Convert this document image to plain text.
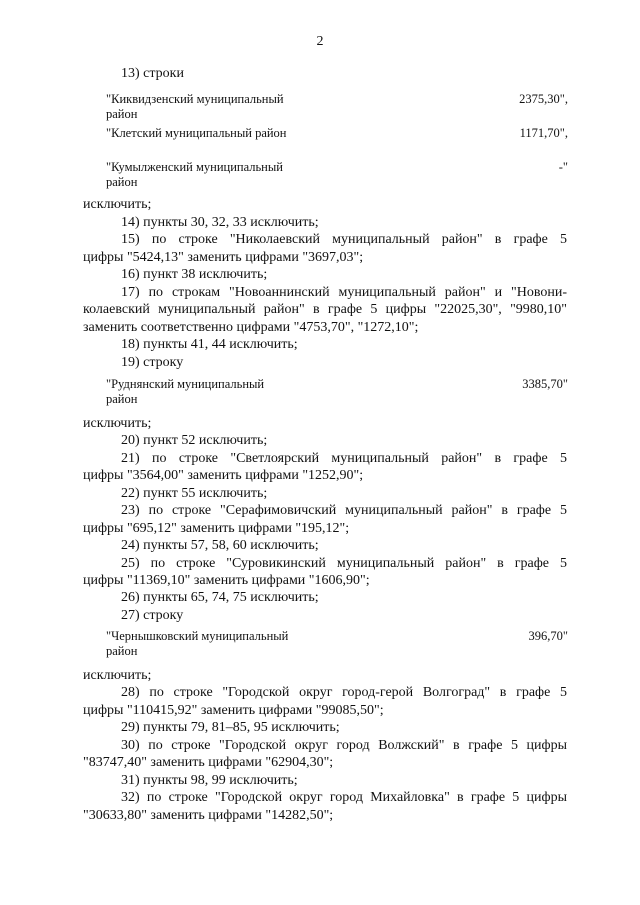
2
13) строки
"Киквидзенский муниципальный район
2375,30",
"Клетский муниципальный район	1171,70",
"Кумылженский муниципальный район
-"
исключить;
14) пункты 30, 32, 33 исключить;
15) по строке "Николаевский муниципальный район" в графе 5
цифры "5424,13" заменить цифрами "3697,03";
16) пункт 38 исключить;
17) по строкам "Новоаннинский муниципальный район" и "Новони-
колаевский муниципальный район" в графе 5 цифры "22025,30", "9980,10"
заменить соответственно цифрами "4753,70", "1272,10";
18) пункты 41, 44 исключить;
19) строку
"Руднянский муниципальный район
3385,70"
исключить;
20) пункт 52 исключить;
21) по строке "Светлоярский муниципальный район" в графе 5
цифры "3564,00" заменить цифрами "1252,90";
22) пункт 55 исключить;
23) по строке "Серафимовичский муниципальный район" в графе 5
цифры "695,12" заменить цифрами "195,12";
24) пункты 57, 58, 60 исключить;
25) по строке "Суровикинский муниципальный район" в графе 5
цифры "11369,10" заменить цифрами "1606,90";
26) пункты 65, 74, 75 исключить;
27) строку
"Чернышковский муниципальный район
396,70"
исключить;
28) по строке "Городской округ город-герой Волгоград" в графе 5
цифры "110415,92" заменить цифрами "99085,50";
29) пункты 79, 81–85, 95 исключить;
30) по строке "Городской округ город Волжский" в графе 5 цифры
"83747,40" заменить цифрами "62904,30";
31) пункты 98, 99 исключить;
32) по строке "Городской округ город Михайловка" в графе 5 цифры
"30633,80" заменить цифрами "14282,50";
